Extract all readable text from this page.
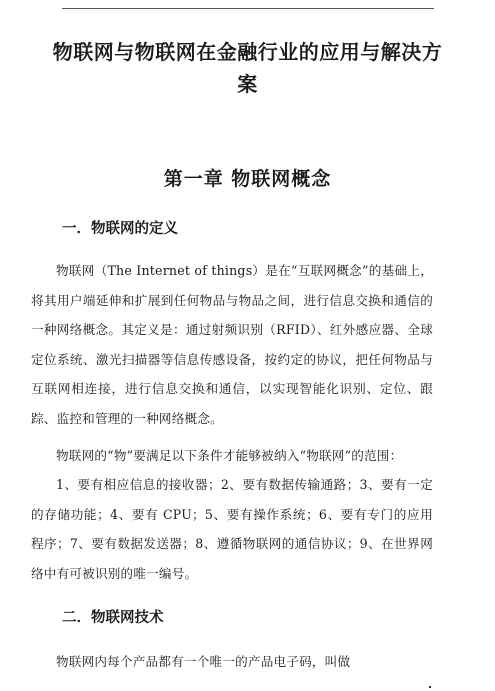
物联网与物联网在金融行业的应用与解决方案
第一章 物联网概念
一．物联网的定义

物联网（The Internet of things）是在“互联网概念”的基础上，将其用户端延伸和扩展到任何物品与物品之间，进行信息交换和通信的一种网络概念。其定义是：通过射频识别（RFID）、红外感应器、全球定位系统、激光扫描器等信息传感设备，按约定的协议，把任何物品与互联网相连接，进行信息交换和通信，以实现智能化识别、定位、跟踪、监控和管理的一种网络概念。

物联网的“物”要满足以下条件才能够被纳入“物联网”的范围：

1、要有相应信息的接收器；2、要有数据传输通路；3、要有一定的存储功能；4、要有 CPU；5、要有操作系统；6、要有专门的应用程序；7、要有数据发送器；8、遵循物联网的通信协议；9、在世界网络中有可被识别的唯一编号。

二．物联网技术

物联网内每个产品都有一个唯一的产品电子码，叫做
